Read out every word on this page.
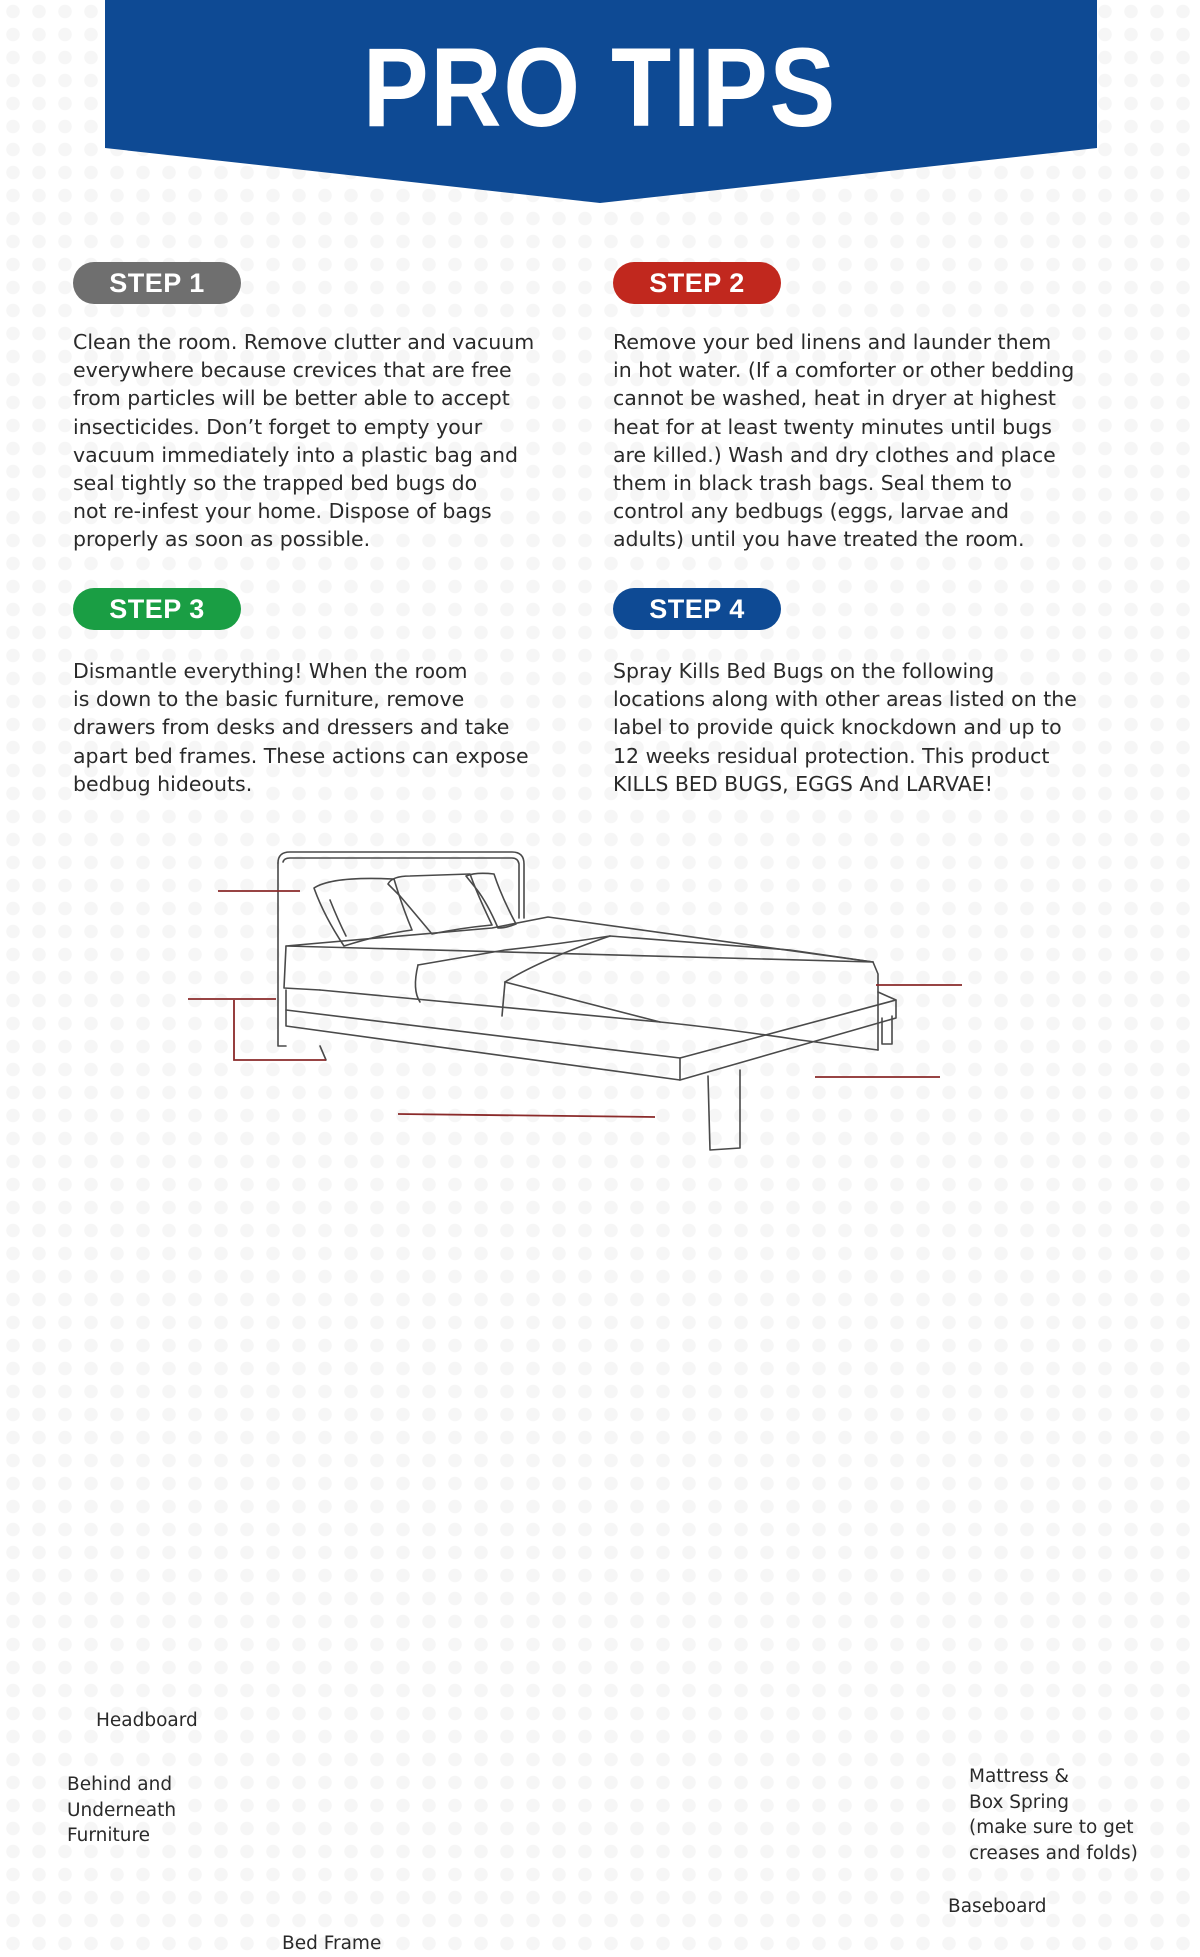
PRO TIPS
STEP 1

Clean the room. Remove clutter and vacuum
everywhere because crevices that are free
from particles will be better able to accept
insecticides. Don’t forget to empty your
vacuum immediately into a plastic bag and
seal tightly so the trapped bed bugs do
not re-infest your home. Dispose of bags
properly as soon as possible.

STEP 2

Remove your bed linens and launder them
in hot water. (If a comforter or other bedding
cannot be washed, heat in dryer at highest
heat for at least twenty minutes until bugs
are killed.) Wash and dry clothes and place
them in black trash bags. Seal them to
control any bedbugs (eggs, larvae and
adults) until you have treated the room.

STEP 3

Dismantle everything! When the room
is down to the basic furniture, remove
drawers from desks and dressers and take
apart bed frames. These actions can expose
bedbug hideouts.

STEP 4

Spray Kills Bed Bugs on the following
locations along with other areas listed on the
label to provide quick knockdown and up to
12 weeks residual protection. This product
KILLS BED BUGS, EGGS And LARVAE!

Headboard

Behind and
Underneath
Furniture

Bed Frame

Mattress &
Box Spring
(make sure to get
creases and folds)

Baseboard
